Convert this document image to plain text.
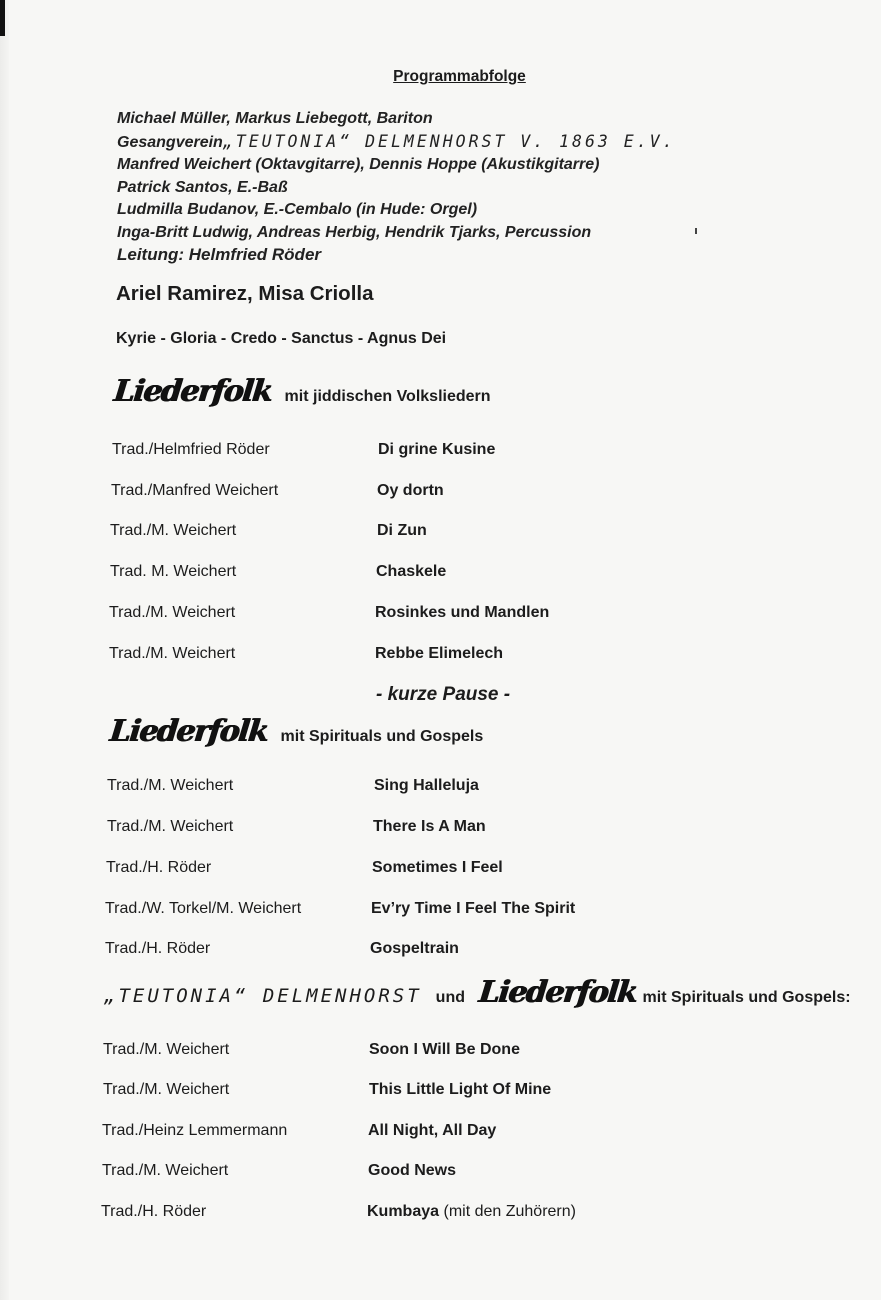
Programmabfolge
Michael Müller, Markus Liebegott, Bariton
Gesangverein„TEUTONIA“ DELMENHORST V. 1863 E.V.
Manfred Weichert (Oktavgitarre), Dennis Hoppe (Akustikgitarre)
Patrick Santos, E.-Baß
Ludmilla Budanov, E.-Cembalo (in Hude: Orgel)
Inga-Britt Ludwig, Andreas Herbig, Hendrik Tjarks, Percussion
Leitung: Helmfried Röder
Ariel Ramirez, Misa Criolla
Kyrie - Gloria - Credo - Sanctus - Agnus Dei
Liederfolk mit jiddischen Volksliedern
Trad./Helmfried Röder	Di grine Kusine
Trad./Manfred Weichert	Oy dortn
Trad./M. Weichert	Di Zun
Trad. M. Weichert	Chaskele
Trad./M. Weichert	Rosinkes und Mandlen
Trad./M. Weichert	Rebbe Elimelech
- kurze Pause -
Liederfolk mit Spirituals und Gospels
Trad./M. Weichert	Sing Halleluja
Trad./M. Weichert	There Is A Man
Trad./H. Röder	Sometimes I Feel
Trad./W. Torkel/M. Weichert	Ev’ry Time I Feel The Spirit
Trad./H. Röder	Gospeltrain
„TEUTONIA“ DELMENHORST und Liederfolk mit Spirituals und Gospels:
Trad./M. Weichert	Soon I Will Be Done
Trad./M. Weichert	This Little Light Of Mine
Trad./Heinz Lemmermann	All Night, All Day
Trad./M. Weichert	Good News
Trad./H. Röder	Kumbaya (mit den Zuhörern)
